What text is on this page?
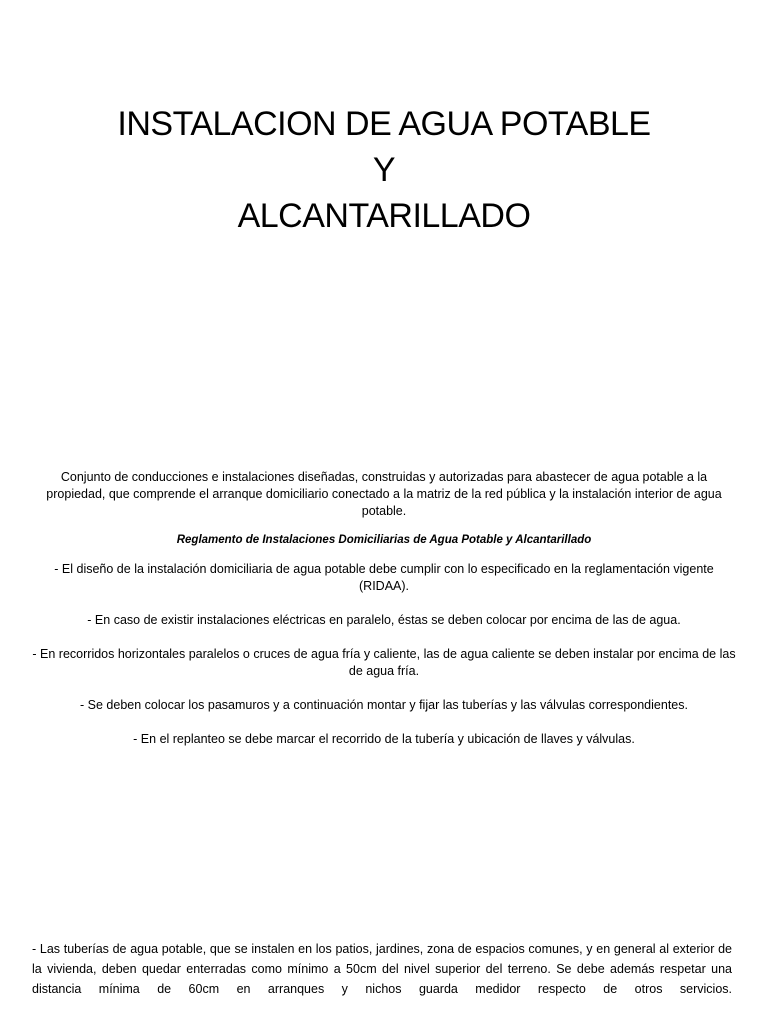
INSTALACION DE AGUA POTABLE
Y
ALCANTARILLADO

Conjunto de conducciones e instalaciones diseñadas, construidas y autorizadas para abastecer de agua potable a la propiedad, que comprende el arranque domiciliario conectado a la matriz de la red pública y la instalación interior de agua potable.

Reglamento de Instalaciones Domiciliarias de Agua Potable y Alcantarillado

- El diseño de la instalación domiciliaria de agua potable debe cumplir con lo especificado en la reglamentación vigente (RIDAA).

- En caso de existir instalaciones eléctricas en paralelo, éstas se deben colocar por encima de las de agua.

- En recorridos horizontales paralelos o cruces de agua fría y caliente, las de agua caliente se deben instalar por encima de las de agua fría.

- Se deben colocar los pasamuros y a continuación montar y fijar las tuberías y las válvulas correspondientes.

- En el replanteo se debe marcar el recorrido de la tubería y ubicación de llaves y válvulas.

- Las tuberías de agua potable, que se instalen en los patios, jardines, zona de espacios comunes, y en general al exterior de la vivienda, deben quedar enterradas como mínimo a 50cm del nivel superior del terreno. Se debe además respetar una distancia mínima de 60cm en arranques y nichos guarda medidor respecto de otros servicios.
